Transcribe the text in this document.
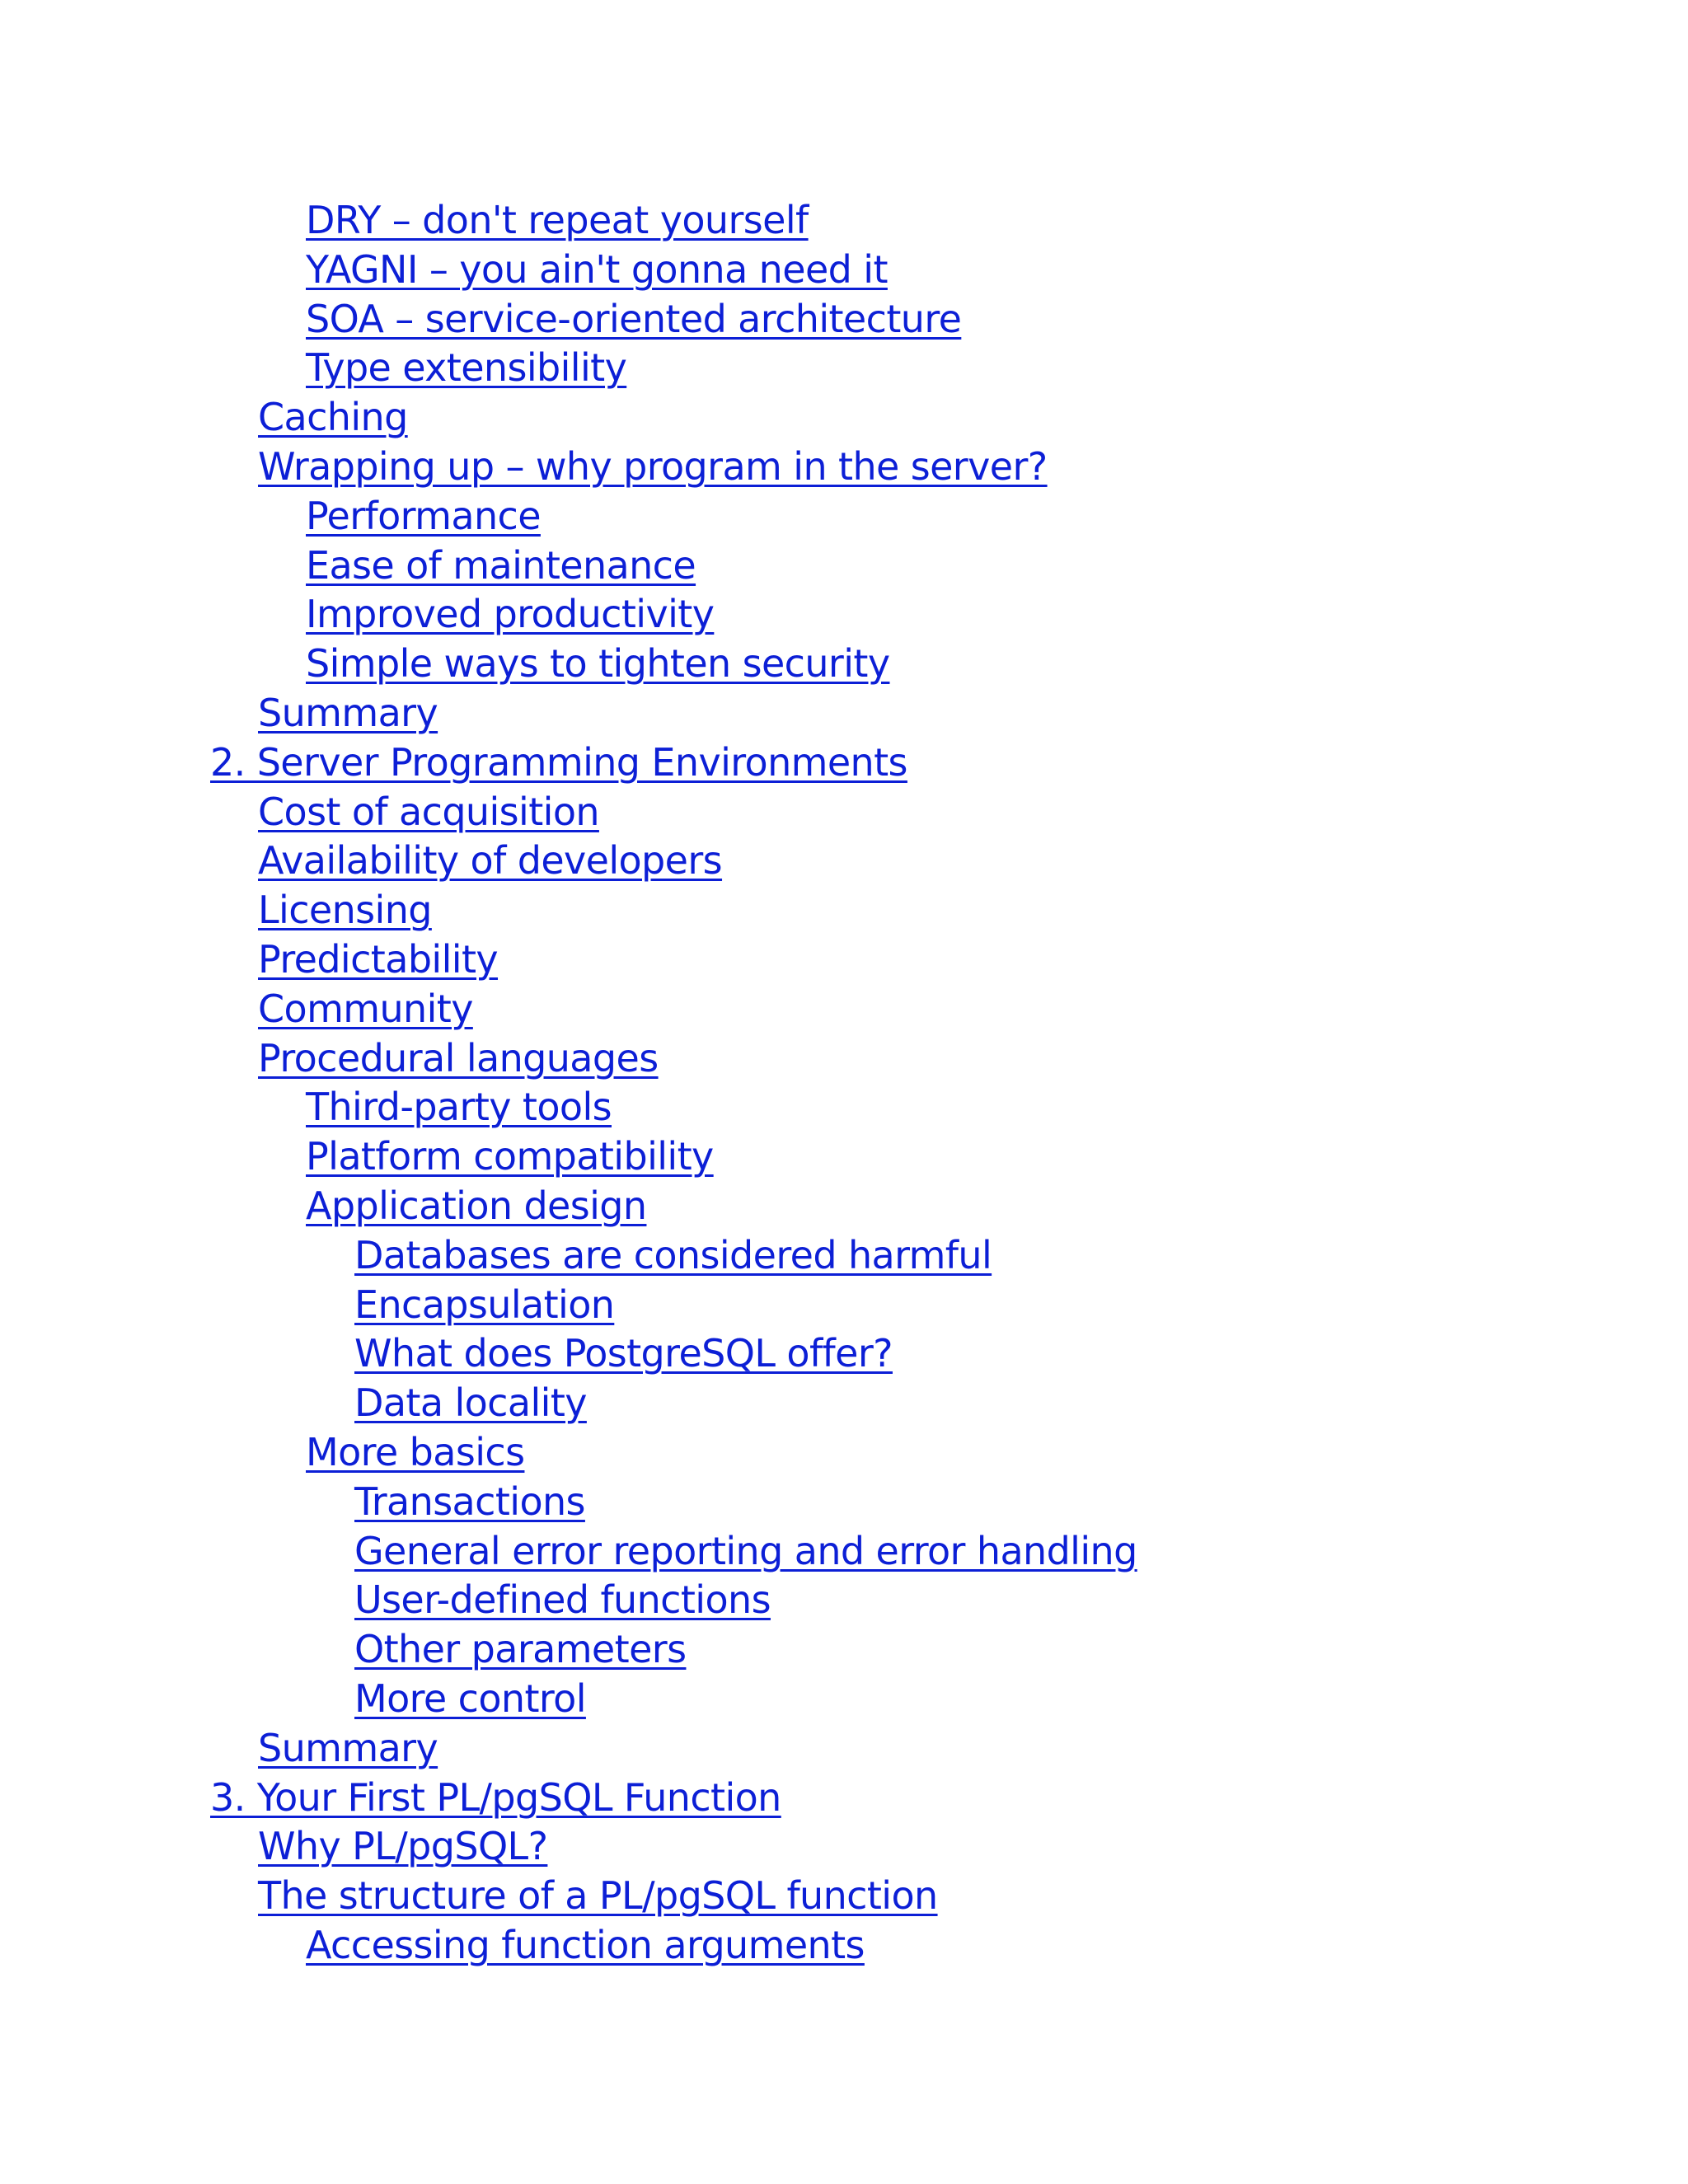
DRY – don't repeat yourself
YAGNI – you ain't gonna need it
SOA – service-oriented architecture
Type extensibility
Caching
Wrapping up – why program in the server?
Performance
Ease of maintenance
Improved productivity
Simple ways to tighten security
Summary
2. Server Programming Environments
Cost of acquisition
Availability of developers
Licensing
Predictability
Community
Procedural languages
Third-party tools
Platform compatibility
Application design
Databases are considered harmful
Encapsulation
What does PostgreSQL offer?
Data locality
More basics
Transactions
General error reporting and error handling
User-defined functions
Other parameters
More control
Summary
3. Your First PL/pgSQL Function
Why PL/pgSQL?
The structure of a PL/pgSQL function
Accessing function arguments
